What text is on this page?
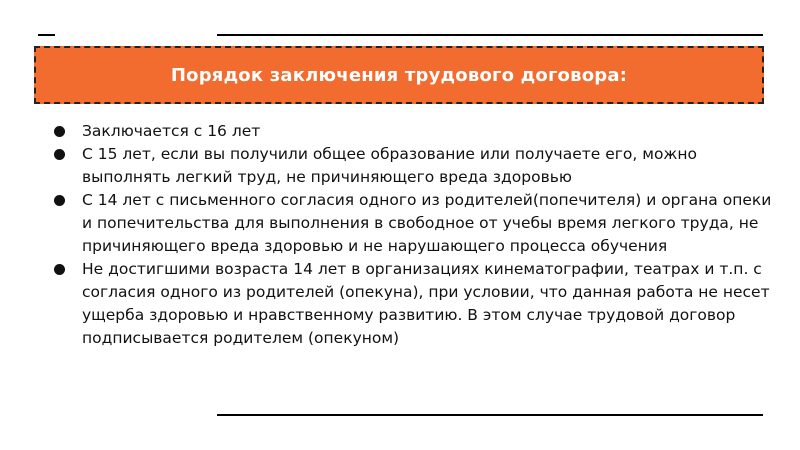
Порядок заключения трудового договора:
Заключается с 16 лет
С 15 лет, если вы получили общее образование или получаете его, можно выполнять легкий труд, не причиняющего вреда здоровью
С 14 лет с письменного согласия одного из родителей(попечителя) и органа опеки и попечительства для выполнения в свободное от учебы время легкого труда, не причиняющего вреда здоровью и не нарушающего процесса обучения
Не достигшими возраста 14 лет в организациях кинематографии, театрах и т.п. с согласия одного из родителей (опекуна), при условии, что данная работа не несет ущерба здоровью и нравственному развитию. В этом случае трудовой договор подписывается родителем (опекуном)
